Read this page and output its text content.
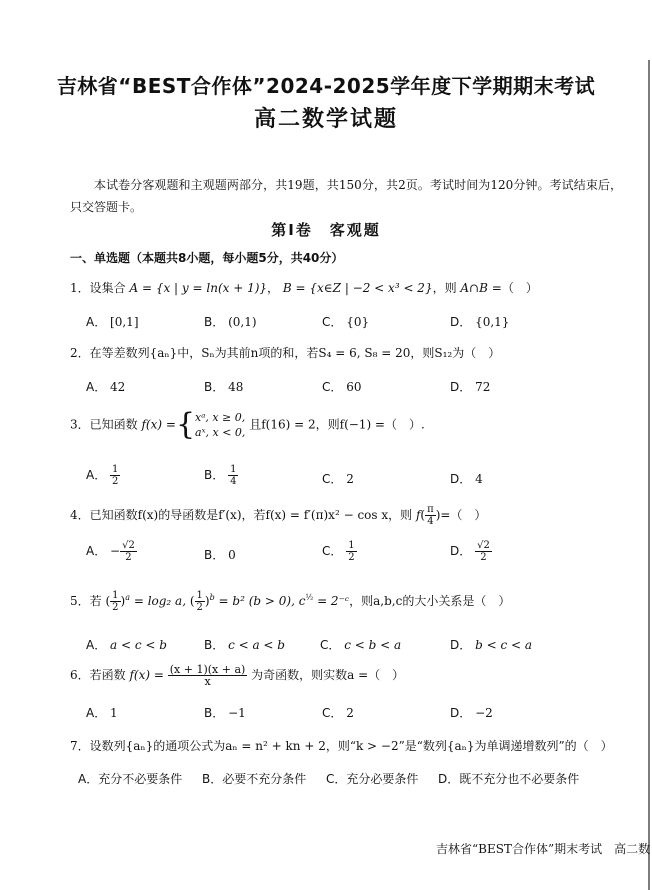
吉林省“BEST合作体”2024-2025学年度下学期期末考试
高二数学试题
本试卷分客观题和主观题两部分，共19题，共150分，共2页。考试时间为120分钟。考试结束后，只交答题卡。
第Ⅰ卷　客观题
一、单选题（本题共8小题，每小题5分，共40分）
1．设集合 A = {x | y = ln(x + 1)}， B = {x∈Z | −2 < x³ < 2}，则 A∩B =（　）
A． [0,1]	B． (0,1)	C． {0}	D． {0,1}
2．在等差数列{aₙ}中，Sₙ为其前n项的和，若S₄ = 6, S₈ = 20，则S₁₂为（　）
A． 42	B． 48	C． 60	D． 72
3．已知函数 f(x) ={ xᵃ, x ≥ 0,
aˣ, x < 0,
且f(16) = 2，则f(−1) =（　）.
A． $\frac{1}{2}$	B． $\frac{1}{4}$	C． 2	D． 4
4．已知函数f(x)的导函数是f′(x)，若f(x) = f′(π)x² − cos x，则 $f( \frac{\pi}{4}$ )=（　）
A． − $\frac{√2}{2}$	B． 0	C． $\frac{1}{2}$	D． $\frac{√2}{2}$
5．若 ( $\frac{1}{2} )^a = \log_2$ a, ( $\frac{1}{2} )^b = b^2$ (b > 0), $c^{\frac{1}{2}}$ = 2⁻ᶜ，则a,b,c的大小关系是（　）
A． a < c < b	B． c < a < b	C． c < b < a	D． b < c < a
6．若函数 $f(x) = \frac{(x + 1)(x + a)}{x}$ 为奇函数，则实数a =（　）
A． 1	B． −1	C． 2	D． −2
7．设数列{aₙ}的通项公式为aₙ = n² + kn + 2，则“k > −2”是“数列{aₙ}为单调递增数列”的（　）
A．充分不必要条件 B．必要不充分条件 C．充分必要条件 D．既不充分也不必要条件
吉林省“BEST合作体”期末考试　高二数
